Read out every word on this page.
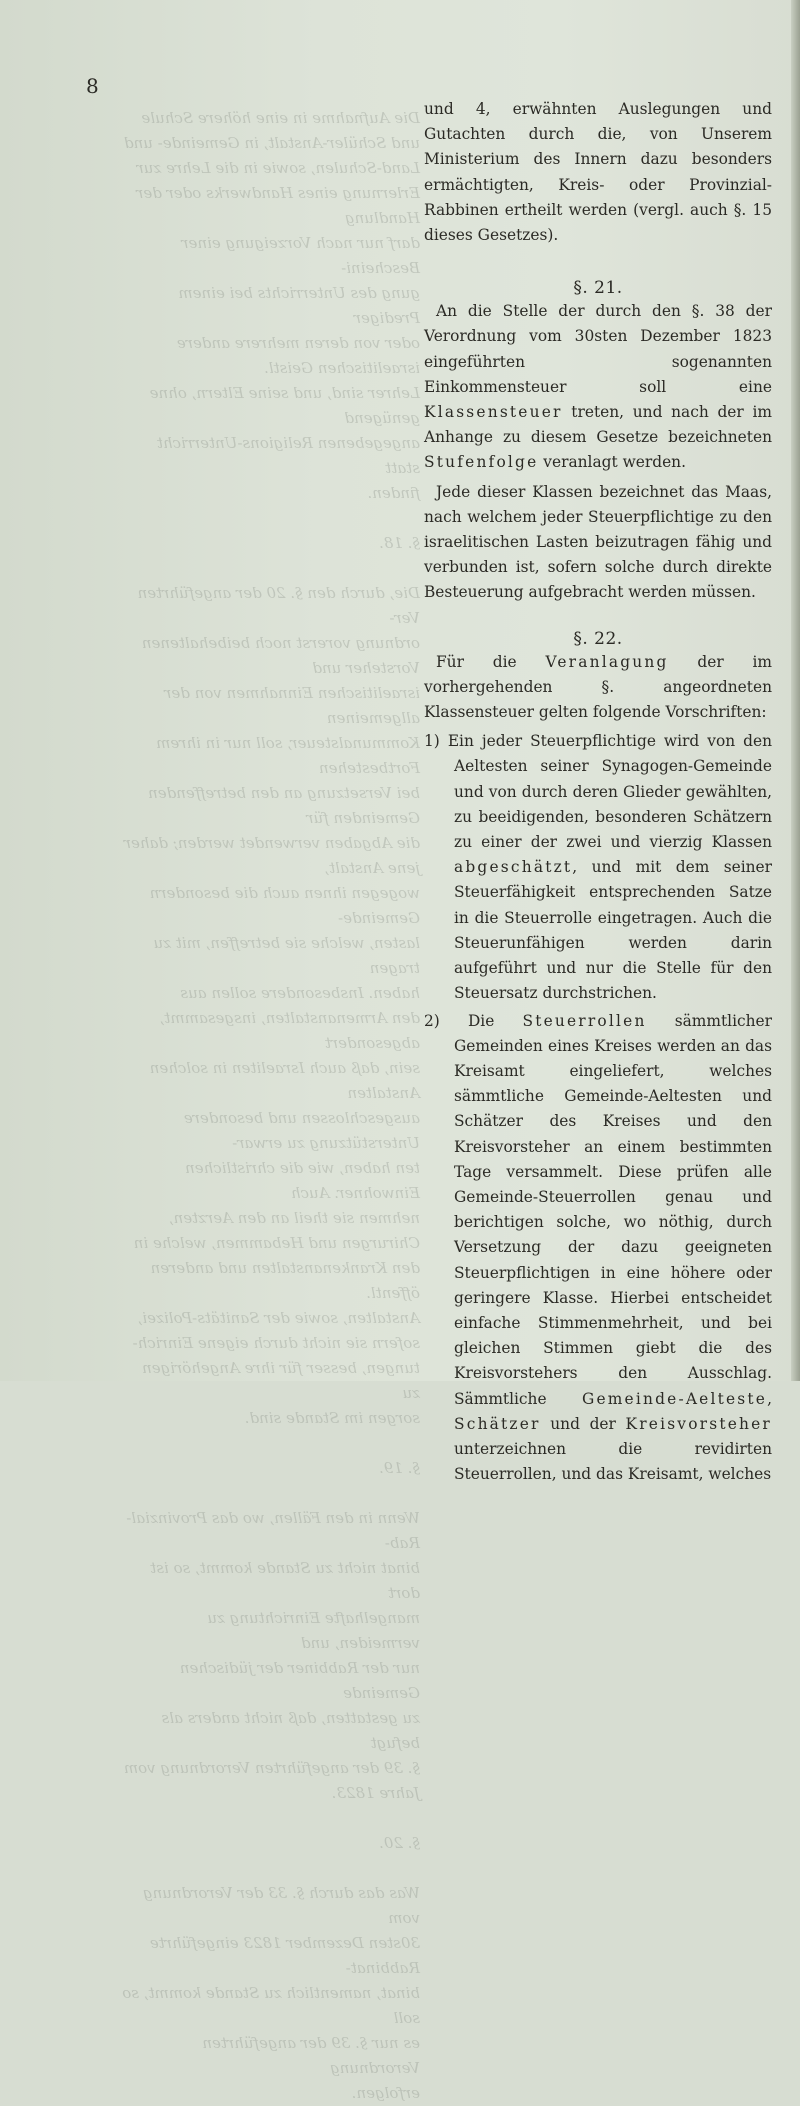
8
Die Aufnahme in eine höhere Schule
und Schüler-Anstalt, in Gemeinde- und
Land-Schulen, sowie in die Lehre zur
Erlernung eines Handwerks oder der Handlung
darf nur nach Vorzeigung einer Bescheini-
gung des Unterrichts bei einem Prediger
oder von deren mehrere andere israelitischen Geistl.
Lehrer sind, und seine Eltern, ohne genügend
angegebenen Religions-Unterricht statt
finden.

§. 18.

Die, durch den §. 20 der angeführten Ver-
ordnung vorerst noch beibehaltenen Vorsteher und
israelitischen Einnahmen von der allgemeinen
Kommunalsteuer, soll nur in ihrem Fortbestehen
bei Versetzung an den betreffenden Gemeinden für
die Abgaben verwendet werden; daher jene Anstalt,
wogegen ihnen auch die besondern Gemeinde-
lasten, welche sie betreffen, mit zu tragen
haben. Insbesondere sollen aus
den Armenanstalten, insgesammt, abgesondert
sein, daß auch Israeliten in solchen Anstalten
ausgeschlossen und besondere Unterstützung zu erwar-
ten haben, wie die christlichen Einwohner. Auch
nehmen sie theil an den Aerzten,
Chirurgen und Hebammen, welche in
den Krankenanstalten und anderen öffentl.
Anstalten, sowie der Sanitäts-Polizei,
sofern sie nicht durch eigene Einrich-
tungen, besser für ihre Angehörigen zu
sorgen im Stande sind.

§. 19.

Wenn in den Fällen, wo das Provinzial-Rab-
binat nicht zu Stande kommt, so ist dort
mangelhafte Einrichtung zu vermeiden, und
nur der Rabbiner der jüdischen Gemeinde
zu gestatten, daß nicht anders als befugt
§. 39 der angeführten Verordnung vom
Jahre 1823.

§. 20.

Was das durch §. 33 der Verordnung vom
30sten Dezember 1823 eingeführte Rabbinat-
binat, namentlich zu Stande kommt, so soll
es nur §. 39 der angeführten Verordnung
erfolgen.

und 4, erwähnten Auslegungen und Gutachten durch die, von Unserem Ministerium des Innern dazu besonders ermächtigten, Kreis- oder Provinzial-Rabbinen ertheilt werden (vergl. auch §. 15 dieses Gesetzes).

§. 21.

An die Stelle der durch den §. 38 der Verordnung vom 30sten Dezember 1823 eingeführten sogenannten Einkommensteuer soll eine Klassensteuer treten, und nach der im Anhange zu diesem Gesetze bezeichneten Stufenfolge veranlagt werden.

Jede dieser Klassen bezeichnet das Maas, nach welchem jeder Steuerpflichtige zu den israelitischen Lasten beizutragen fähig und verbunden ist, sofern solche durch direkte Besteuerung aufgebracht werden müssen.

§. 22.

Für die Veranlagung der im vorhergehenden §. angeordneten Klassensteuer gelten folgende Vorschriften:

1) Ein jeder Steuerpflichtige wird von den Aeltesten seiner Synagogen-Gemeinde und von durch deren Glieder gewählten, zu beeidigenden, besonderen Schätzern zu einer der zwei und vierzig Klassen abgeschätzt, und mit dem seiner Steuerfähigkeit entsprechenden Satze in die Steuerrolle eingetragen. Auch die Steuerunfähigen werden darin aufgeführt und nur die Stelle für den Steuersatz durchstrichen.

2) Die Steuerrollen sämmtlicher Gemeinden eines Kreises werden an das Kreisamt eingeliefert, welches sämmtliche Gemeinde-Aeltesten und Schätzer des Kreises und den Kreisvorsteher an einem bestimmten Tage versammelt. Diese prüfen alle Gemeinde-Steuerrollen genau und berichtigen solche, wo nöthig, durch Versetzung der dazu geeigneten Steuerpflichtigen in eine höhere oder geringere Klasse. Hierbei entscheidet einfache Stimmenmehrheit, und bei gleichen Stimmen giebt die des Kreisvorstehers den Ausschlag. Sämmtliche Gemeinde-Aelteste, Schätzer und der Kreisvorsteher unterzeichnen die revidirten Steuerrollen, und das Kreisamt, welches
